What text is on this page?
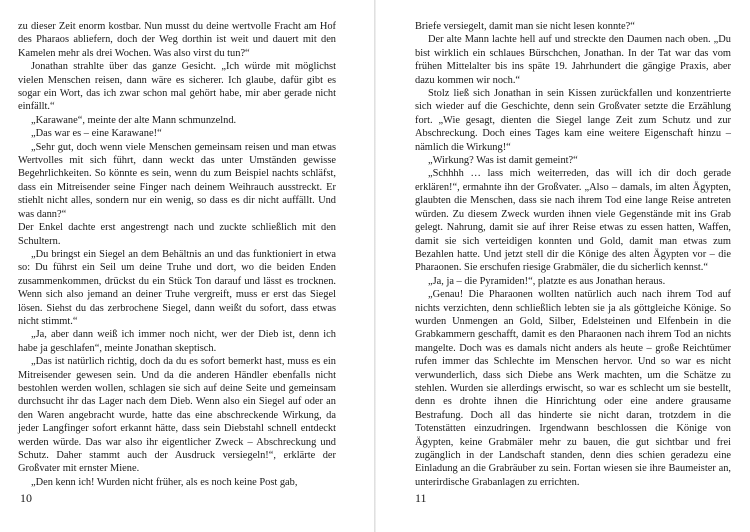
zu dieser Zeit enorm kostbar. Nun musst du deine wertvolle Fracht am Hof des Pharaos abliefern, doch der Weg dorthin ist weit und dauert mit den Kamelen mehr als drei Wochen. Was also virst du tun?“

Jonathan strahlte über das ganze Gesicht. „Ich würde mit möglichst vielen Menschen reisen, dann wäre es sicherer. Ich glaube, dafür gibt es sogar ein Wort, das ich zwar schon mal gehört habe, mir aber gerade nicht einfällt.“

„Karawane“, meinte der alte Mann schmunzelnd.

„Das war es – eine Karawane!“

„Sehr gut, doch wenn viele Menschen gemeinsam reisen und man etwas Wertvolles mit sich führt, dann weckt das unter Umständen gewisse Begehrlichkeiten. So könnte es sein, wenn du zum Beispiel nachts schläfst, dass ein Mitreisender seine Finger nach deinem Weihrauch ausstreckt. Er stiehlt nicht alles, sondern nur ein wenig, so dass es dir nicht auffällt. Und was dann?“

Der Enkel dachte erst angestrengt nach und zuckte schließlich mit den Schultern.

„Du bringst ein Siegel an dem Behältnis an und das funktioniert in etwa so: Du führst ein Seil um deine Truhe und dort, wo die beiden Enden zusammenkommen, drückst du ein Stück Ton darauf und lässt es trocknen. Wenn sich also jemand an deiner Truhe vergreift, muss er erst das Siegel lösen. Siehst du das zerbrochene Siegel, dann weißt du sofort, dass etwas nicht stimmt.“

„Ja, aber dann weiß ich immer noch nicht, wer der Dieb ist, denn ich habe ja geschlafen“, meinte Jonathan skeptisch.

„Das ist natürlich richtig, doch da du es sofort bemerkt hast, muss es ein Mitreisender gewesen sein. Und da die anderen Händler ebenfalls nicht bestohlen werden wollen, schlagen sie sich auf deine Seite und gemeinsam durchsucht ihr das Lager nach dem Dieb. Wenn also ein Siegel auf oder an den Waren angebracht wurde, hatte das eine abschreckende Wirkung, da jeder Langfinger sofort erkannt hätte, dass sein Diebstahl schnell entdeckt werden würde. Das war also ihr eigentlicher Zweck – Abschreckung und Schutz. Daher stammt auch der Ausdruck versiegeln!“, erklärte der Großvater mit ernster Miene.

„Den kenn ich! Wurden nicht früher, als es noch keine Post gab,

10

Briefe versiegelt, damit man sie nicht lesen konnte?“

Der alte Mann lachte hell auf und streckte den Daumen nach oben. „Du bist wirklich ein schlaues Bürschchen, Jonathan. In der Tat war das vom frühen Mittelalter bis ins späte 19. Jahrhundert die gängige Praxis, aber dazu kommen wir noch.“

Stolz ließ sich Jonathan in sein Kissen zurückfallen und konzentrierte sich wieder auf die Geschichte, denn sein Großvater setzte die Erzählung fort. „Wie gesagt, dienten die Siegel lange Zeit zum Schutz und zur Abschreckung. Doch eines Tages kam eine weitere Eigenschaft hinzu – nämlich die Wirkung!“

„Wirkung? Was ist damit gemeint?“

„Schhhh … lass mich weiterreden, das will ich dir doch gerade erklären!“, ermahnte ihn der Großvater. „Also – damals, im alten Ägypten, glaubten die Menschen, dass sie nach ihrem Tod eine lange Reise antreten würden. Zu diesem Zweck wurden ihnen viele Gegenstände mit ins Grab gelegt. Nahrung, damit sie auf ihrer Reise etwas zu essen hatten, Waffen, damit sie sich verteidigen konnten und Gold, damit man etwas zum Bezahlen hatte. Und jetzt stell dir die Könige des alten Ägypten vor – die Pharaonen. Sie erschufen riesige Grabmäler, die du sicherlich kennst.“

„Ja, ja – die Pyramiden!“, platzte es aus Jonathan heraus.

„Genau! Die Pharaonen wollten natürlich auch nach ihrem Tod auf nichts verzichten, denn schließlich lebten sie ja als göttgleiche Könige. So wurden Unmengen an Gold, Silber, Edelsteinen und Elfenbein in die Grabkammern geschafft, damit es den Pharaonen nach ihrem Tod an nichts mangelte. Doch was es damals nicht anders als heute – große Reichtümer rufen immer das Schlechte im Menschen hervor. Und so war es nicht verwunderlich, dass sich Diebe ans Werk machten, um die Schätze zu stehlen. Wurden sie allerdings erwischt, so war es schlecht um sie bestellt, denn es drohte ihnen die Hinrichtung oder eine andere grausame Bestrafung. Doch all das hinderte sie nicht daran, trotzdem in die Totenstätten einzudringen. Irgendwann beschlossen die Könige von Ägypten, keine Grabmäler mehr zu bauen, die gut sichtbar und frei zugänglich in der Landschaft standen, denn dies schien geradezu eine Einladung an die Grabräuber zu sein. Fortan wiesen sie ihre Baumeister an, unterirdische Grabanlagen zu errichten.

11
